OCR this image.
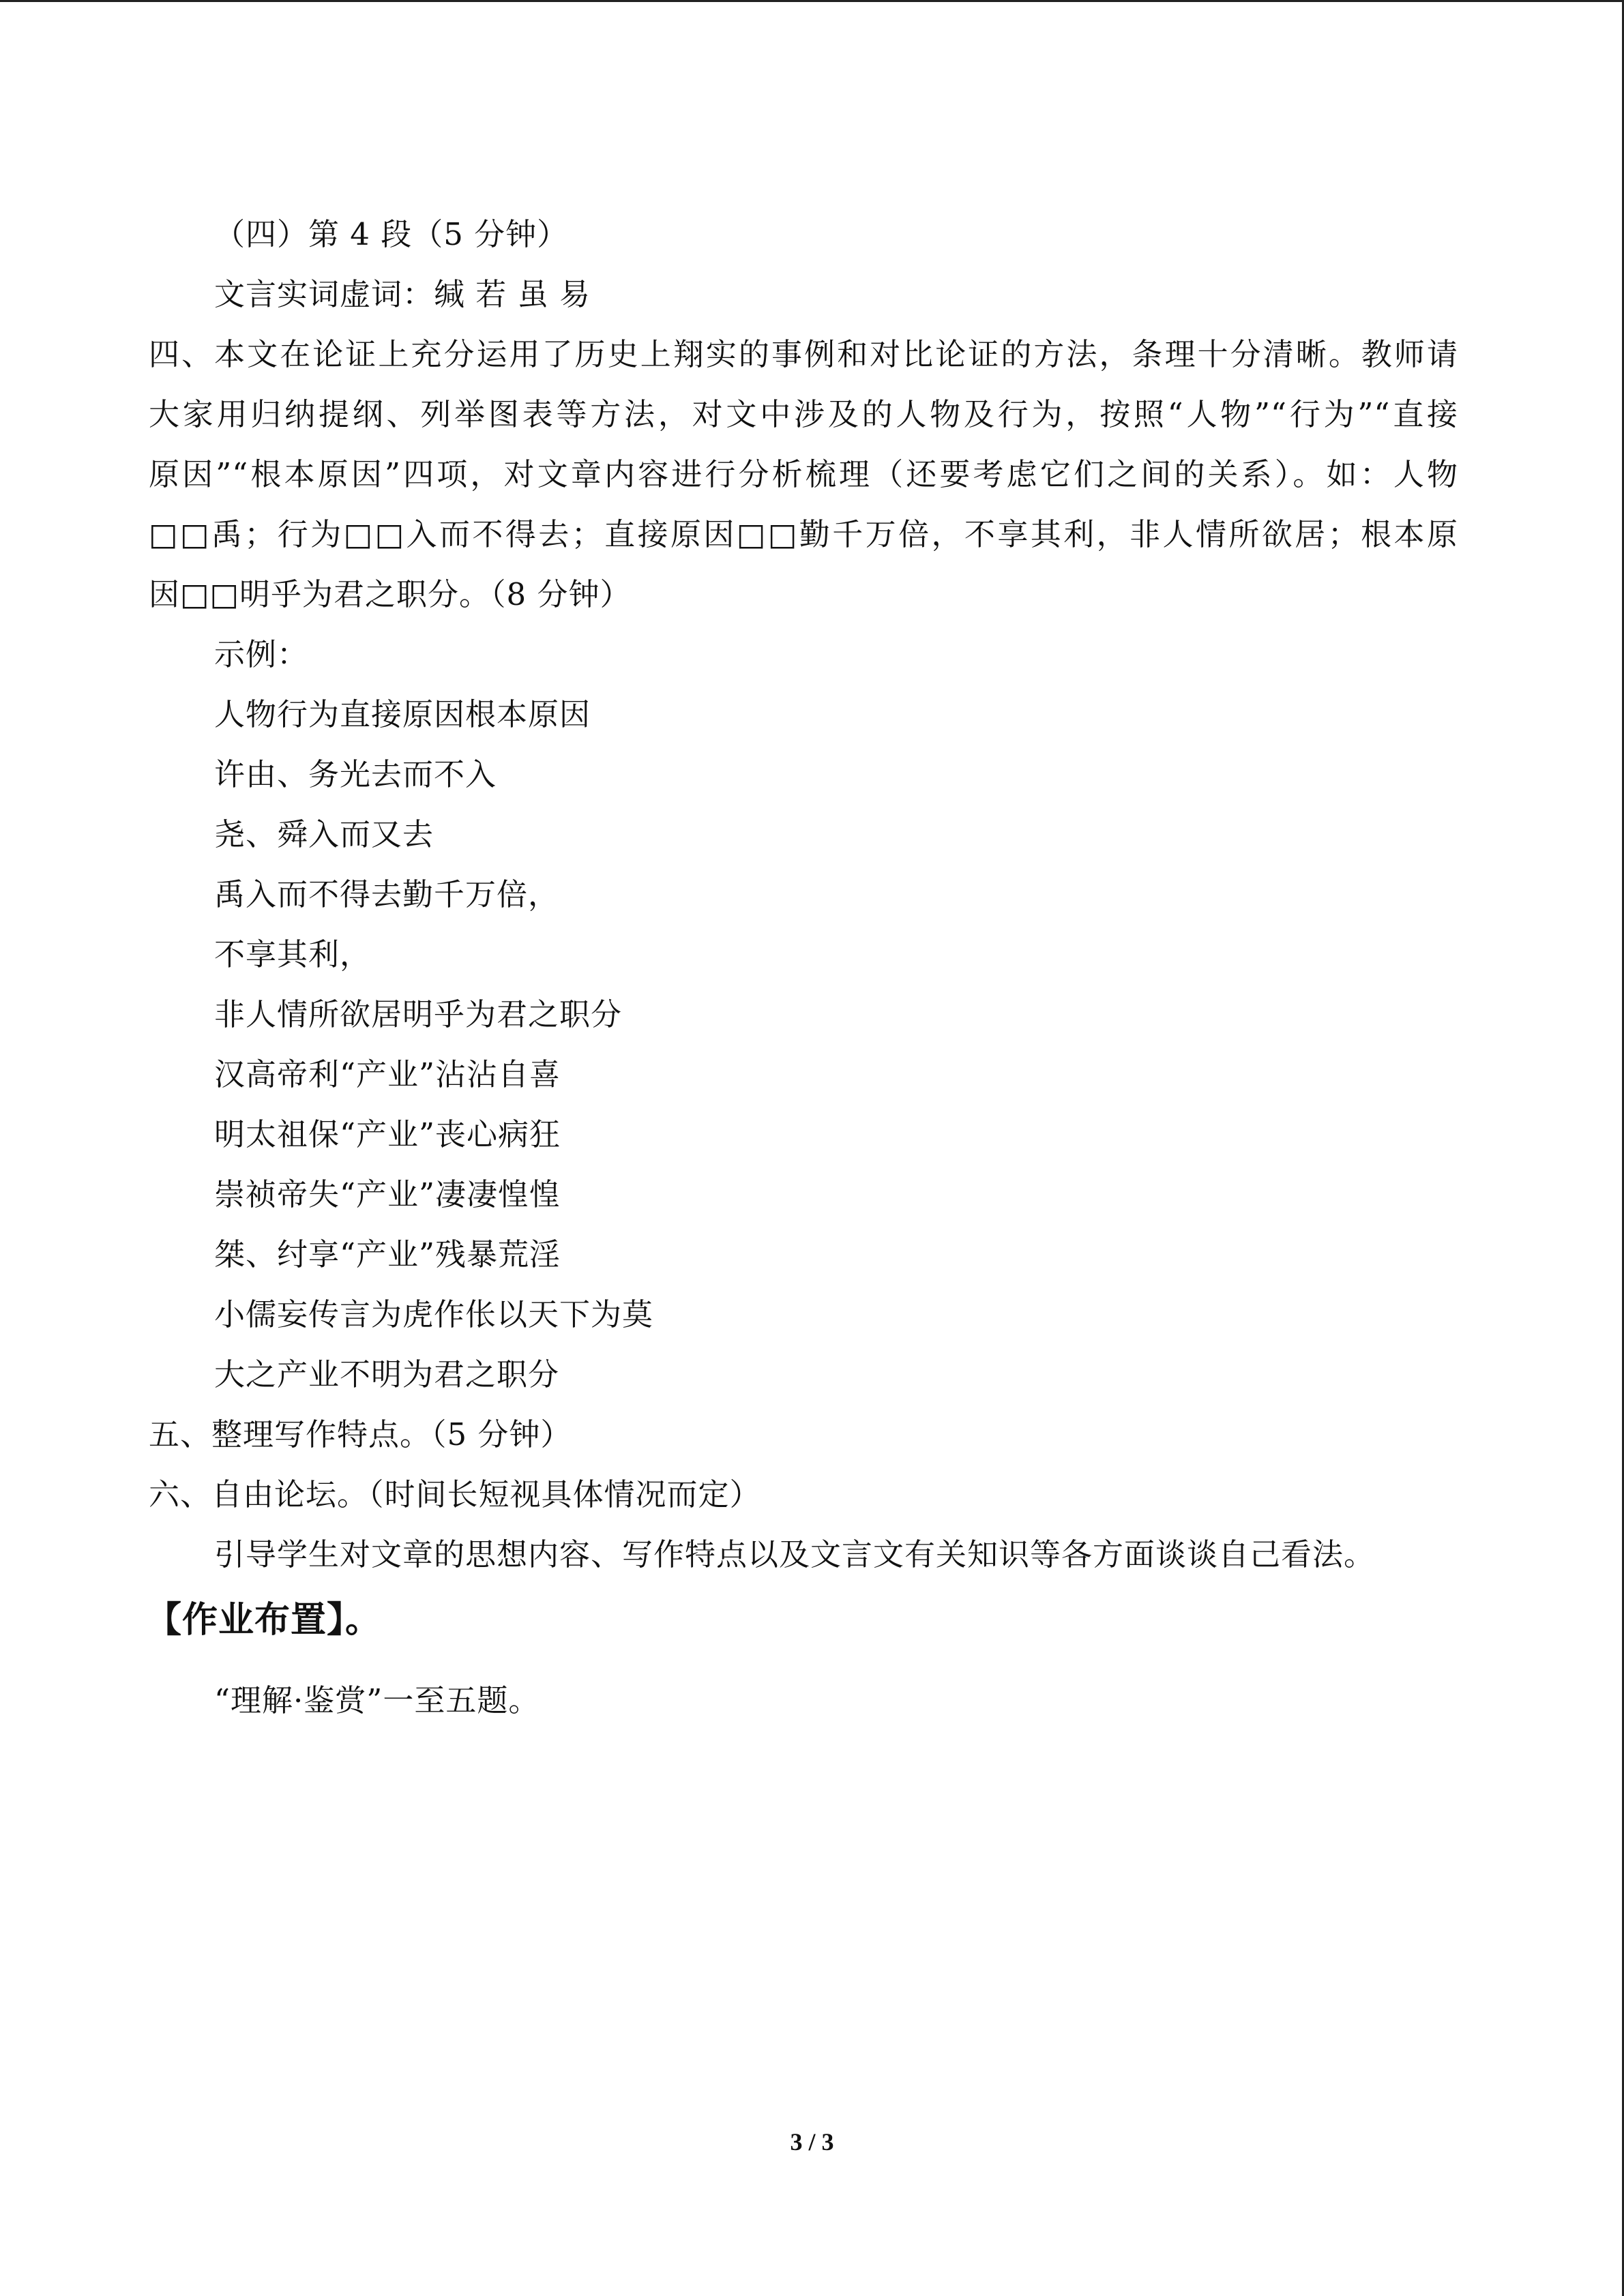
（四）第 4 段（5 分钟）
文言实词虚词：缄 若 虽 易
四、本文在论证上充分运用了历史上翔实的事例和对比论证的方法，条理十分清晰。教师请
大家用归纳提纲、列举图表等方法，对文中涉及的人物及行为，按照“人物”“行为”“直接
原因”“根本原因”四项，对文章内容进行分析梳理（还要考虑它们之间的关系）。如：人物
□□禹；行为□□入而不得去；直接原因□□勤千万倍，不享其利，非人情所欲居；根本原
因□□明乎为君之职分。（8 分钟）
示例：
人物行为直接原因根本原因
许由、务光去而不入
尧、舜入而又去
禹入而不得去勤千万倍，
不享其利，
非人情所欲居明乎为君之职分
汉高帝利“产业”沾沾自喜
明太祖保“产业”丧心病狂
崇祯帝失“产业”凄凄惶惶
桀、纣享“产业”残暴荒淫
小儒妄传言为虎作伥以天下为莫
大之产业不明为君之职分
五、整理写作特点。（5 分钟）
六、自由论坛。（时间长短视具体情况而定）
引导学生对文章的思想内容、写作特点以及文言文有关知识等各方面谈谈自己看法。
【作业布置】。
“理解·鉴赏”一至五题。
3 / 3
